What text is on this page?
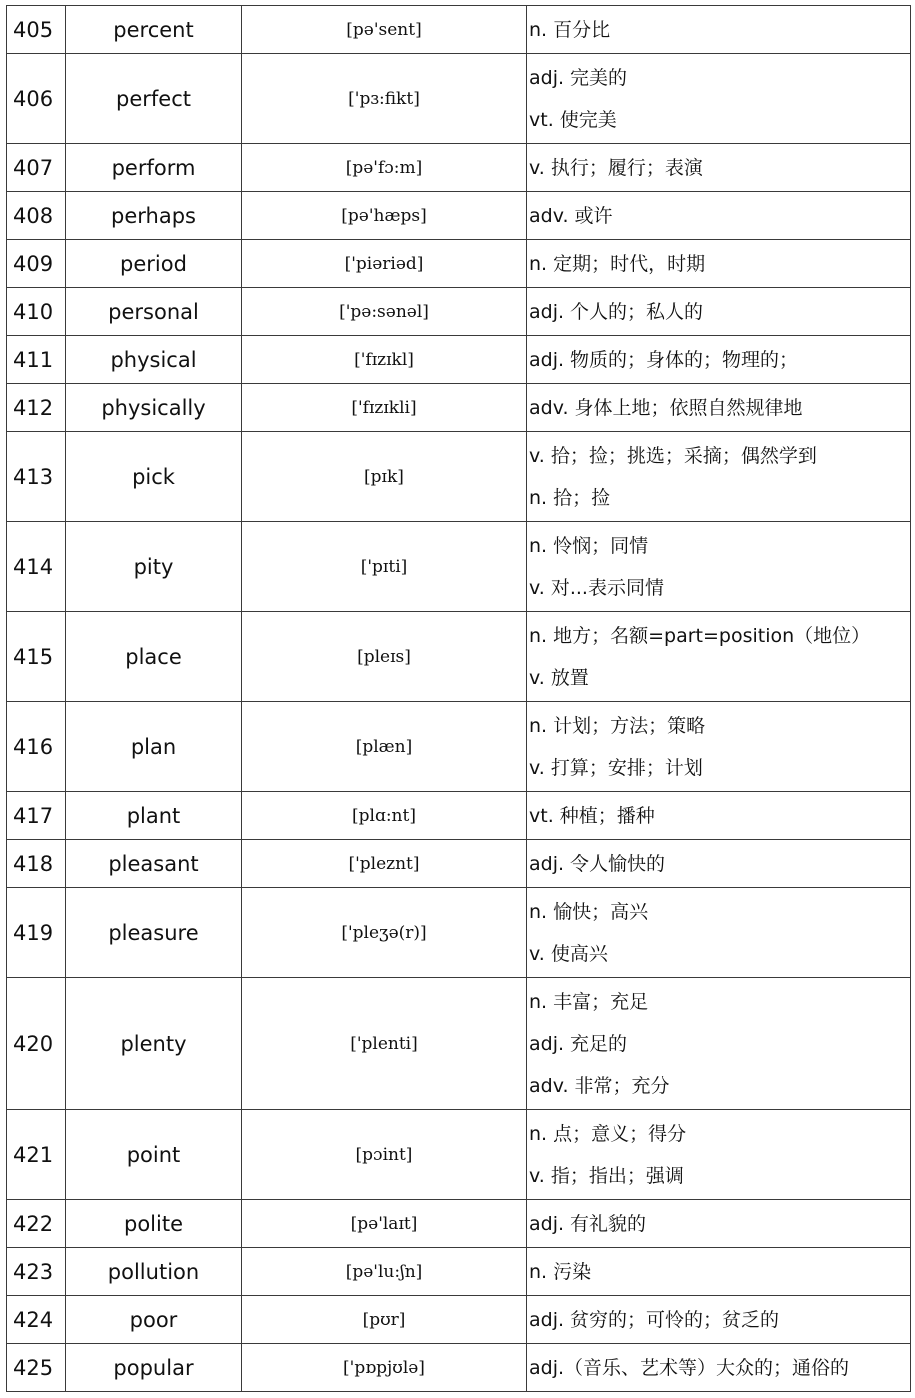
405	percent	[pə'sent]	n. 百分比

406	perfect	['pɜ:fikt]	adj. 完美的
vt. 使完美

407	perform	[pə'fɔ:m]	v. 执行；履行；表演

408	perhaps	[pə'hæps]	adv. 或许

409	period	['piəriəd]	n. 定期；时代，时期

410	personal	['pə:sənəl]	adj. 个人的；私人的

411	physical	['fɪzɪkl]	adj. 物质的；身体的；物理的；

412	physically	['fɪzɪkli]	adv. 身体上地；依照自然规律地

413	pick	[pɪk]	v. 拾；捡；挑选；采摘；偶然学到
n. 拾；捡

414	pity	['pɪti]	n. 怜悯；同情
v. 对...表示同情

415	place	[pleɪs]	n. 地方；名额=part=position（地位）
v. 放置

416	plan	[plæn]	n. 计划；方法；策略
v. 打算；安排；计划

417	plant	[plɑ:nt]	vt. 种植；播种

418	pleasant	['pleznt]	adj. 令人愉快的

419	pleasure	['pleʒə(r)]	n. 愉快；高兴
v. 使高兴

420	plenty	['plenti]	n. 丰富；充足
adj. 充足的
adv. 非常；充分

421	point	[pɔint]	n. 点；意义；得分
v. 指；指出；强调

422	polite	[pə'laɪt]	adj. 有礼貌的

423	pollution	[pə'lu:ʃn]	n. 污染

424	poor	[pʊr]	adj. 贫穷的；可怜的；贫乏的

425	popular	['pɒpjʊlə]	adj.（音乐、艺术等）大众的；通俗的
